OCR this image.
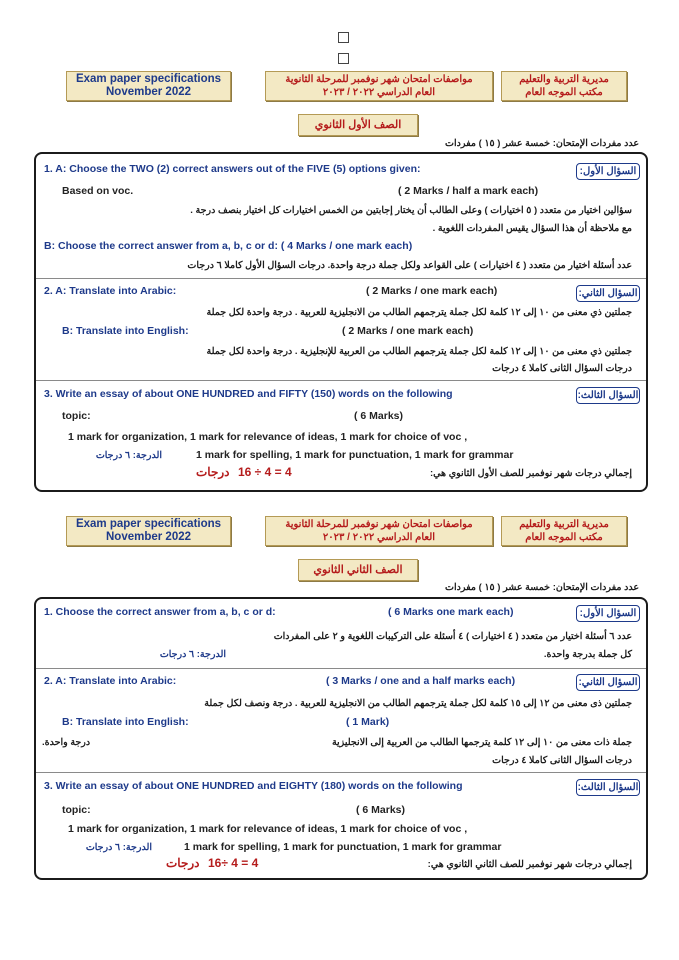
Exam paper specifications
November 2022
مواصفات امتحان شهر نوفمبر للمرحلة الثانوية
العام الدراسي ٢٠٢٢ / ٢٠٢٣
مديرية التربية والتعليم
مكتب الموجه العام
الصف الأول الثانوي
عدد مفردات الإمتحان: خمسة عشر ( ١٥ ) مفردات
السؤال الأول:
1. A: Choose the TWO (2) correct answers out of the FIVE (5) options given:
Based on voc.	( 2 Marks / half a mark each)
سؤالين اختيار من متعدد ( ٥ اختيارات ) وعلى الطالب أن يختار إجابتين من الخمس اختيارات كل اختيار بنصف درجة .
مع ملاحظة أن هذا السؤال يقيس المفردات اللغوية .
B: Choose the correct answer from a, b, c or d: ( 4 Marks / one mark each)
عدد أسئلة اختيار من متعدد ( ٤ اختيارات ) على القواعد ولكل جملة درجة واحدة. درجات السؤال الأول كاملا ٦ درجات
السؤال الثاني:
2. A: Translate into Arabic:	( 2 Marks / one mark each)
جملتين ذي معنى من ١٠ إلى ١٢ كلمة لكل جملة يترجمهم الطالب من الانجليزية للعربية . درجة واحدة لكل جملة
B: Translate into English:	( 2 Marks / one mark each)
جملتين ذي معنى من ١٠ إلى ١٢ كلمة لكل جملة يترجمهم الطالب من العربية للإنجليزية . درجة واحدة لكل جملة
درجات السؤال الثانى كاملا ٤ درجات
السؤال الثالث:
3. Write an essay of about ONE HUNDRED and FIFTY (150) words on the following
topic:	( 6 Marks)
1 mark for organization, 1 mark for relevance of ideas, 1 mark for choice of voc ,
1 mark for spelling, 1 mark for punctuation, 1 mark for grammar
الدرجة: ٦ درجات
إجمالي درجات شهر نوفمبر للصف الأول الثانوي هي:
درجات 16 ÷ 4 = 4
Exam paper specifications
November 2022
مواصفات امتحان شهر نوفمبر للمرحلة الثانوية
العام الدراسي ٢٠٢٢ / ٢٠٢٣
مديرية التربية والتعليم
مكتب الموجه العام
الصف الثاني الثانوي
عدد مفردات الإمتحان: خمسة عشر ( ١٥ ) مفردات
السؤال الأول:
1. Choose the correct answer from a, b, c or d:	( 6 Marks one mark each)
عدد ٦ أسئلة اختيار من متعدد ( ٤ اختيارات ) ٤ أسئلة على التركيبات اللغوية و ٢ على المفردات
كل جملة بدرجة واحدة.
الدرجة: ٦ درجات
السؤال الثاني:
2. A: Translate into Arabic:	( 3 Marks / one and a half marks each)
جملتين ذى معنى من ١٢ إلى ١٥ كلمة لكل جملة يترجمهم الطالب من الانجليزية للعربية . درجة ونصف لكل جملة
B: Translate into English:	( 1 Mark)
جملة ذات معنى من ١٠ إلى ١٢ كلمة يترجمها الطالب من العربية إلى الانجليزية
درجات السؤال الثانى كاملا ٤ درجات
درجة واحدة.
السؤال الثالث:
3. Write an essay of about ONE HUNDRED and EIGHTY (180) words on the following
topic:	( 6 Marks)
1 mark for organization, 1 mark for relevance of ideas, 1 mark for choice of voc ,
1 mark for spelling, 1 mark for punctuation, 1 mark for grammar
الدرجة: ٦ درجات
إجمالي درجات شهر نوفمبر للصف الثاني الثانوي هي:
درجات 16÷ 4 = 4
